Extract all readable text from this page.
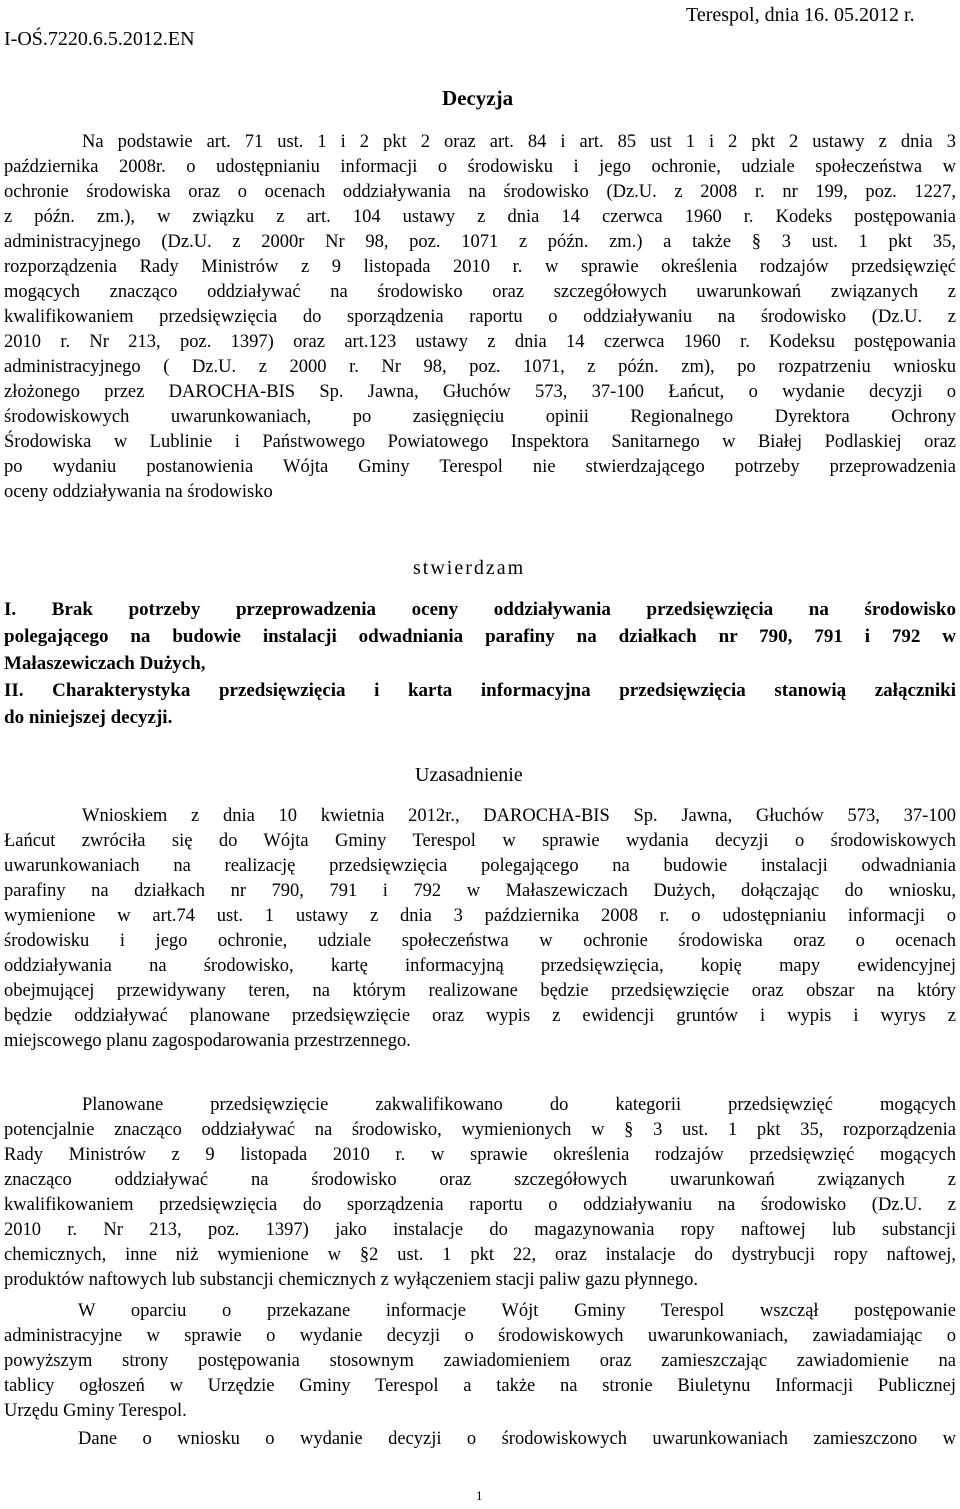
I-OŚ.7220.6.5.2012.EN
Terespol, dnia 16. 05.2012 r.
Decyzja
Na podstawie art. 71 ust. 1 i 2 pkt 2 oraz art. 84 i art. 85 ust 1 i 2 pkt 2 ustawy z dnia 3
października 2008r. o udostępnianiu informacji o środowisku i jego ochronie, udziale społeczeństwa w
ochronie środowiska oraz o ocenach oddziaływania na środowisko (Dz.U. z 2008 r. nr 199, poz. 1227,
z późn. zm.), w związku z art. 104 ustawy z dnia 14 czerwca 1960 r. Kodeks postępowania
administracyjnego (Dz.U. z 2000r Nr 98, poz. 1071 z późn. zm.) a także § 3 ust. 1 pkt 35,
rozporządzenia Rady Ministrów z 9 listopada 2010 r. w sprawie określenia rodzajów przedsięwzięć
mogących znacząco oddziaływać na środowisko oraz szczegółowych uwarunkowań związanych z
kwalifikowaniem przedsięwzięcia do sporządzenia raportu o oddziaływaniu na środowisko (Dz.U. z
2010 r. Nr 213, poz. 1397) oraz art.123 ustawy z dnia 14 czerwca 1960 r. Kodeksu postępowania
administracyjnego ( Dz.U. z 2000 r. Nr 98, poz. 1071, z późn. zm), po rozpatrzeniu wniosku
złożonego przez DAROCHA-BIS Sp. Jawna, Głuchów 573, 37-100 Łańcut, o wydanie decyzji o
środowiskowych uwarunkowaniach, po zasięgnięciu opinii Regionalnego Dyrektora Ochrony
Środowiska w Lublinie i Państwowego Powiatowego Inspektora Sanitarnego w Białej Podlaskiej oraz
po wydaniu postanowienia Wójta Gminy Terespol nie stwierdzającego potrzeby przeprowadzenia
oceny oddziaływania na środowisko
stwierdzam
I. Brak potrzeby przeprowadzenia oceny oddziaływania przedsięwzięcia na środowisko
polegającego na budowie instalacji odwadniania parafiny na działkach nr 790, 791 i 792 w
Małaszewiczach Dużych,
II. Charakterystyka przedsięwzięcia i karta informacyjna przedsięwzięcia stanowią załączniki
do niniejszej decyzji.
Uzasadnienie
Wnioskiem z dnia 10 kwietnia 2012r., DAROCHA-BIS Sp. Jawna, Głuchów 573, 37-100
Łańcut zwróciła się do Wójta Gminy Terespol w sprawie wydania decyzji o środowiskowych
uwarunkowaniach na realizację przedsięwzięcia polegającego na budowie instalacji odwadniania
parafiny na działkach nr 790, 791 i 792 w Małaszewiczach Dużych, dołączając do wniosku,
wymienione w art.74 ust. 1 ustawy z dnia 3 października 2008 r. o udostępnianiu informacji o
środowisku i jego ochronie, udziale społeczeństwa w ochronie środowiska oraz o ocenach
oddziaływania na środowisko, kartę informacyjną przedsięwzięcia, kopię mapy ewidencyjnej
obejmującej przewidywany teren, na którym realizowane będzie przedsięwzięcie oraz obszar na który
będzie oddziaływać planowane przedsięwzięcie oraz wypis z ewidencji gruntów i wypis i wyrys z
miejscowego planu zagospodarowania przestrzennego.
Planowane przedsięwzięcie zakwalifikowano do kategorii przedsięwzięć mogących
potencjalnie znacząco oddziaływać na środowisko, wymienionych w § 3 ust. 1 pkt 35, rozporządzenia
Rady Ministrów z 9 listopada 2010 r. w sprawie określenia rodzajów przedsięwzięć mogących
znacząco oddziaływać na środowisko oraz szczegółowych uwarunkowań związanych z
kwalifikowaniem przedsięwzięcia do sporządzenia raportu o oddziaływaniu na środowisko (Dz.U. z
2010 r. Nr 213, poz. 1397) jako instalacje do magazynowania ropy naftowej lub substancji
chemicznych, inne niż wymienione w §2 ust. 1 pkt 22, oraz instalacje do dystrybucji ropy naftowej,
produktów naftowych lub substancji chemicznych z wyłączeniem stacji paliw gazu płynnego.
W oparciu o przekazane informacje Wójt Gminy Terespol wszczął postępowanie
administracyjne w sprawie o wydanie decyzji o środowiskowych uwarunkowaniach, zawiadamiając o
powyższym strony postępowania stosownym zawiadomieniem oraz zamieszczając zawiadomienie na
tablicy ogłoszeń w Urzędzie Gminy Terespol a także na stronie Biuletynu Informacji Publicznej
Urzędu Gminy Terespol.
Dane o wniosku o wydanie decyzji o środowiskowych uwarunkowaniach zamieszczono w
1
